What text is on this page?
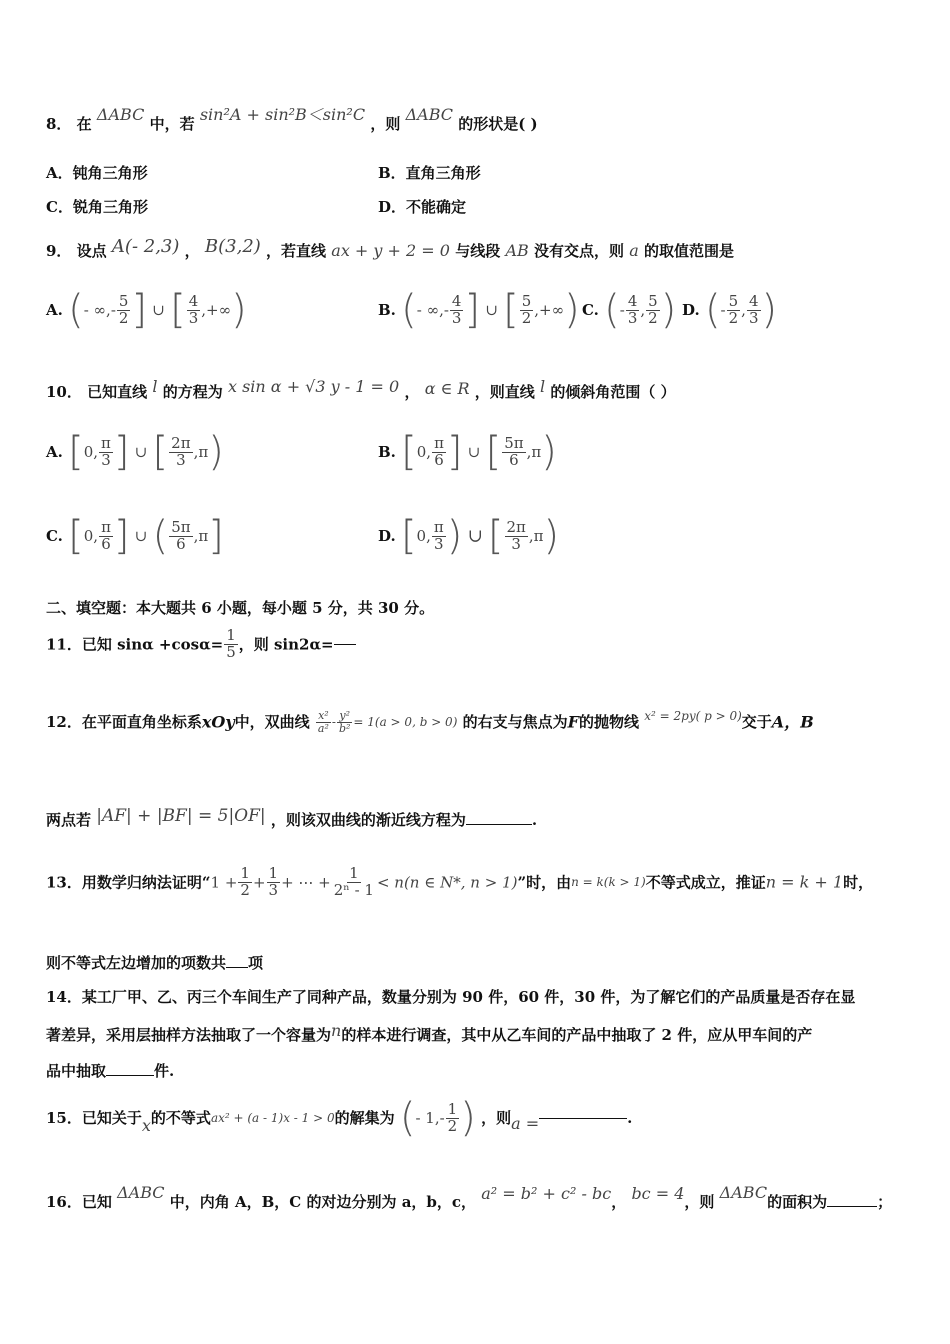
8． 在 ΔABC 中，若 sin²A + sin²B＜sin²C ，则 ΔABC 的形状是( )
A．钝角三角形	B．直角三角形
C．锐角三角形	D．不能确定
9． 设点 A(- 2,3) ， B(3,2) ，若直线 ax + y + 2 = 0 与线段 AB 没有交点，则 a 的取值范围是
A. (- ∞,- $\frac{5}{2}$ ] ∪ [ $\frac{4}{3}$ ,+∞)	B. (- ∞,- $\frac{4}{3}$ ] ∪ [ $\frac{5}{2}$ ,+∞) C. (- $\frac{4}{3}$ , $\frac{5}{2}$ ) D. (- $\frac{5}{2}$ , $\frac{4}{3}$ )
10． 已知直线 l 的方程为 x sin α + √3 y - 1 = 0 ， α ∈ R ，则直线 l 的倾斜角范围（ ）
A. [0, $\frac{\pi}{3}$ ] ∪ [ $\frac{2\pi}{3} ,\pi$)	B. [0, $\frac{\pi}{6}$ ] ∪ [ $\frac{5\pi}{6} ,\pi$)
C. [0, $\frac{\pi}{6}$ ] ∪ ( $\frac{5\pi}{6} ,\pi$]	D. [0, $\frac{\pi}{3}$ ) ∪ [ $\frac{2\pi}{3} ,\pi$)
二、填空题：本大题共 6 小题，每小题 5 分，共 30 分。
11．已知 $\sin\alpha +\cos\alpha= \frac{1}{5}$ ，则 sin2α=
12．在平面直角坐标系xOy中，双曲线 $\frac{\text{x²}}{\text{a²}} - \frac{\text{y²}}{\text{b²}} = 1(a > 0$, b > 0) 的右支与焦点为F的抛物线 $^{x^2 = 2py( p > 0)}$交于A，B
两点若 |AF| + |BF| = 5|OF| ，则该双曲线的渐近线方程为	.
13．用数学归纳法证明“$1 + \frac{1}{2} + \frac{1}{3}$ + ⋯ + $\frac{1}{\text{2ⁿ - 1}} < n(n$ ∈ N*, n > 1)”时，由n = k(k > 1)不等式成立，推证n = k + 1时，
则不等式左边增加的项数共 项
14．某工厂甲、乙、丙三个车间生产了同种产品，数量分别为 90 件，60 件，30 件，为了解它们的产品质量是否存在显
著差异，采用层抽样方法抽取了一个容量为n的样本进行调查，其中从乙车间的产品中抽取了 2 件，应从甲车间的产
品中抽取	件.
15．已知关于x的不等式ax² + (a - 1)x - 1 > 0的解集为 (- $1,- \frac{1}{2}$ ) ，则a =	.
16．已知 ΔABC 中，内角 A，B，C 的对边分别为 a，b，c， a² = b² + c² - bc， bc = 4，则 ΔABC的面积为	；
